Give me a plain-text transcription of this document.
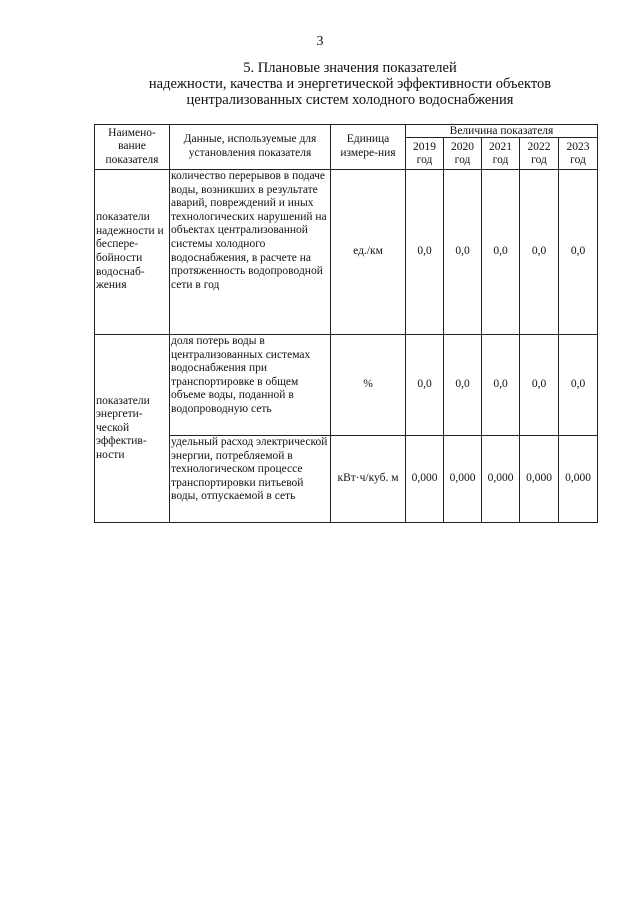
3
5. Плановые значения показателей
надежности, качества и энергетической эффективности объектов
централизованных систем холодного водоснабжения
Наимено-вание показателя	Данные, используемые для установления показателя	Единица измере-ния	Величина показателя				
			2019 год	2020 год	2021 год	2022 год	2023 год
показатели надежности и беспере-бойности водоснаб-жения	количество перерывов в подаче воды, возникших в результате аварий, повреждений и иных технологических нарушений на объектах централизованной системы холодного водоснабжения, в расчете на протяженность водопроводной сети в год	ед./км	0,0	0,0	0,0	0,0	0,0
показатели энергети-ческой эффектив-ности	доля потерь воды в централизованных системах водоснабжения при транспортировке в общем объеме воды, поданной в водопроводную сеть	%	0,0	0,0	0,0	0,0	0,0
	удельный расход электрической энергии, потребляемой в технологическом процессе транспортировки питьевой воды, отпускаемой в сеть	кВт·ч/куб. м	0,000	0,000	0,000	0,000	0,000
